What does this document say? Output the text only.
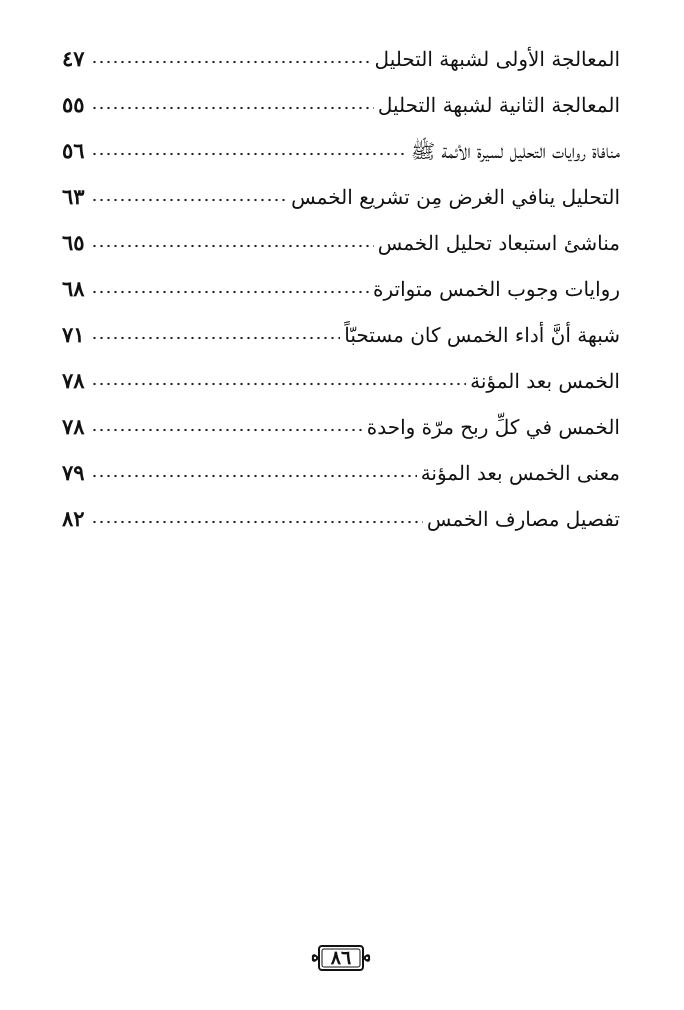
٤٧	المعالجة الأولى لشبهة التحليل
٥٥	المعالجة الثانية لشبهة التحليل
٥٦	منافاة روايات التحليل لسيرة الأئمة ﷺ
٦٣	التحليل ينافي الغرض مِن تشريع الخمس
٦٥	مناشئ استبعاد تحليل الخمس
٦٨	روايات وجوب الخمس متواترة
٧١	شبهة أنَّ أداء الخمس كان مستحبّاً
٧٨	الخمس بعد المؤنة
٧٨	الخمس في كلِّ ربح مرّة واحدة
٧٩	معنى الخمس بعد المؤنة
٨٢	تفصيل مصارف الخمس
٨٦
